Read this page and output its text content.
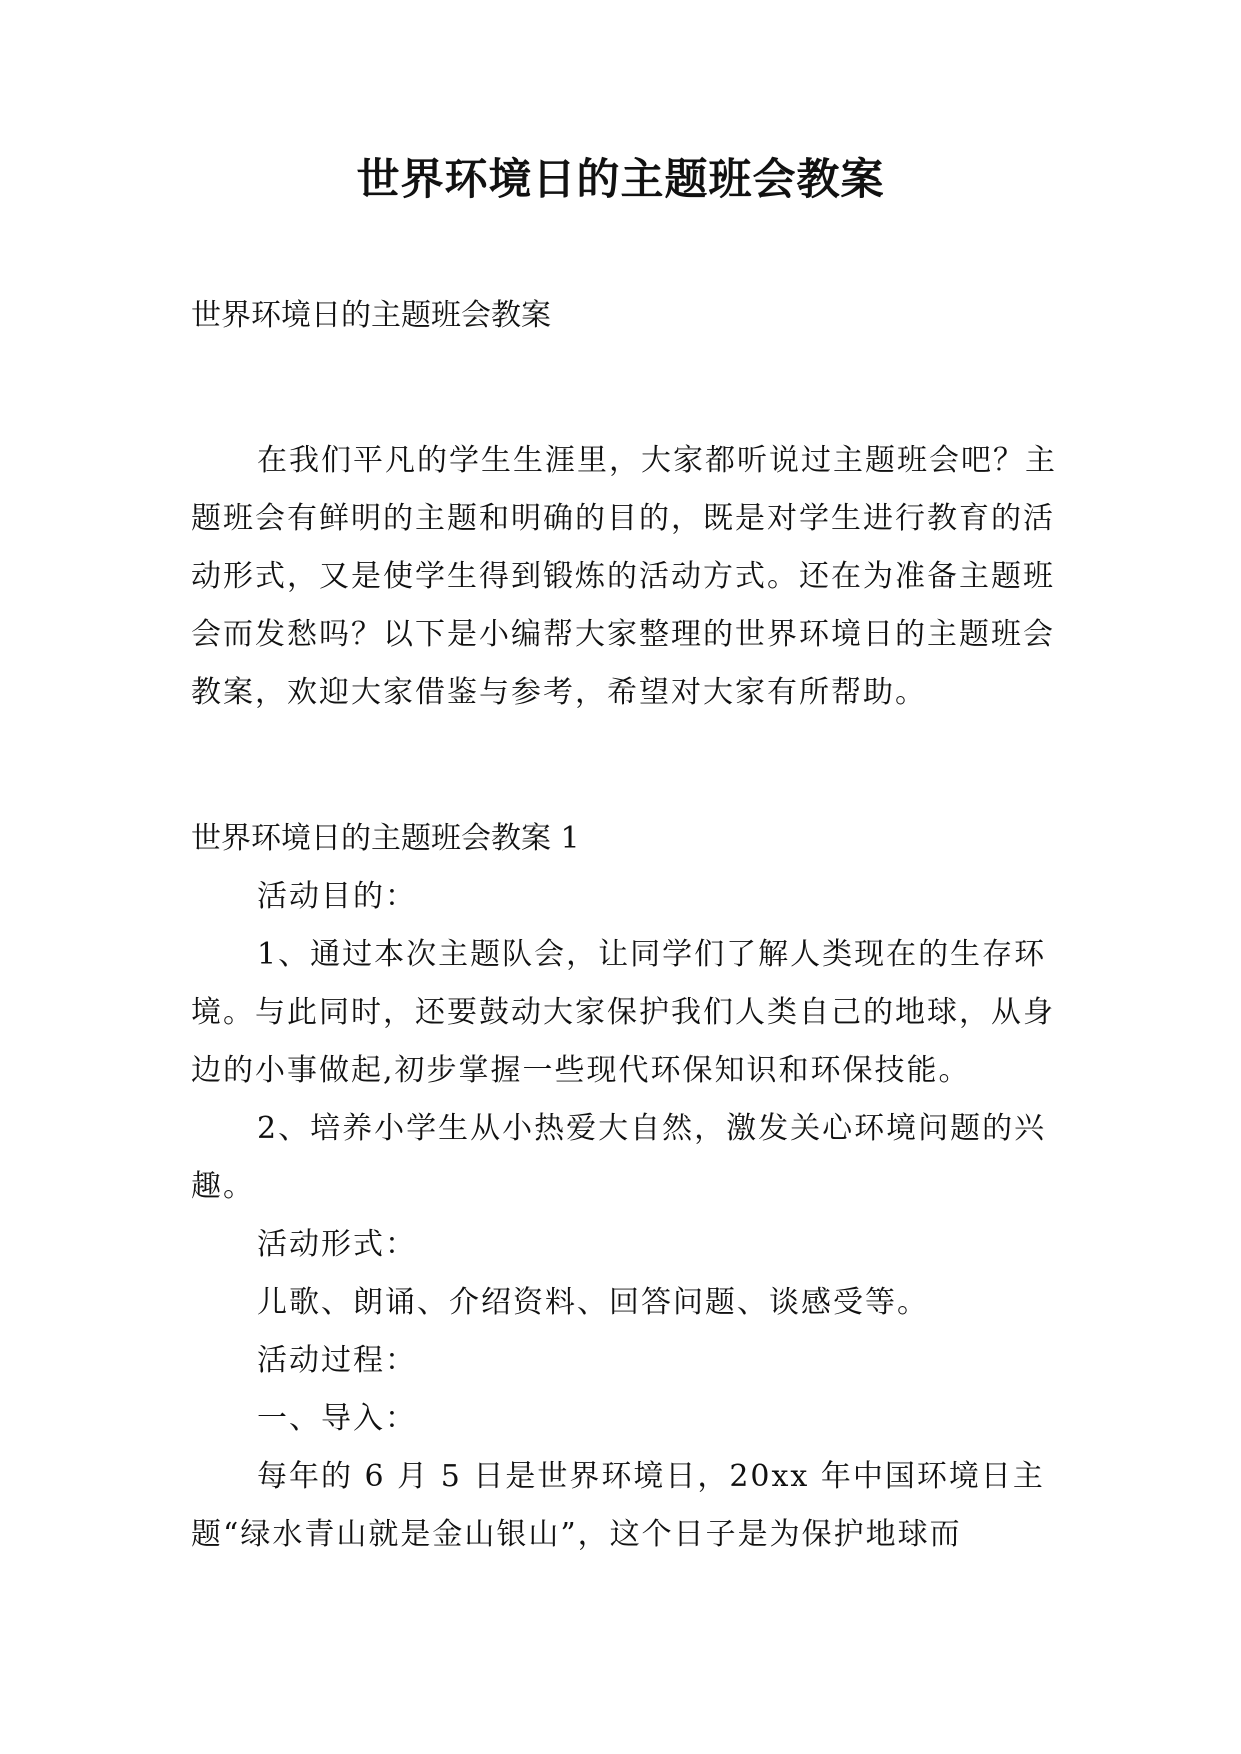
世界环境日的主题班会教案
世界环境日的主题班会教案

在我们平凡的学生生涯里，大家都听说过主题班会吧？主题班会有鲜明的主题和明确的目的，既是对学生进行教育的活动形式，又是使学生得到锻炼的活动方式。还在为准备主题班会而发愁吗？以下是小编帮大家整理的世界环境日的主题班会教案，欢迎大家借鉴与参考，希望对大家有所帮助。

世界环境日的主题班会教案 1

活动目的：

1、通过本次主题队会，让同学们了解人类现在的生存环境。与此同时，还要鼓动大家保护我们人类自己的地球，从身边的小事做起,初步掌握一些现代环保知识和环保技能。

2、培养小学生从小热爱大自然，激发关心环境问题的兴趣。

活动形式：

儿歌、朗诵、介绍资料、回答问题、谈感受等。

活动过程：

一、导入：

每年的 6 月 5 日是世界环境日，20xx 年中国环境日主题“绿水青山就是金山银山”，这个日子是为保护地球而
